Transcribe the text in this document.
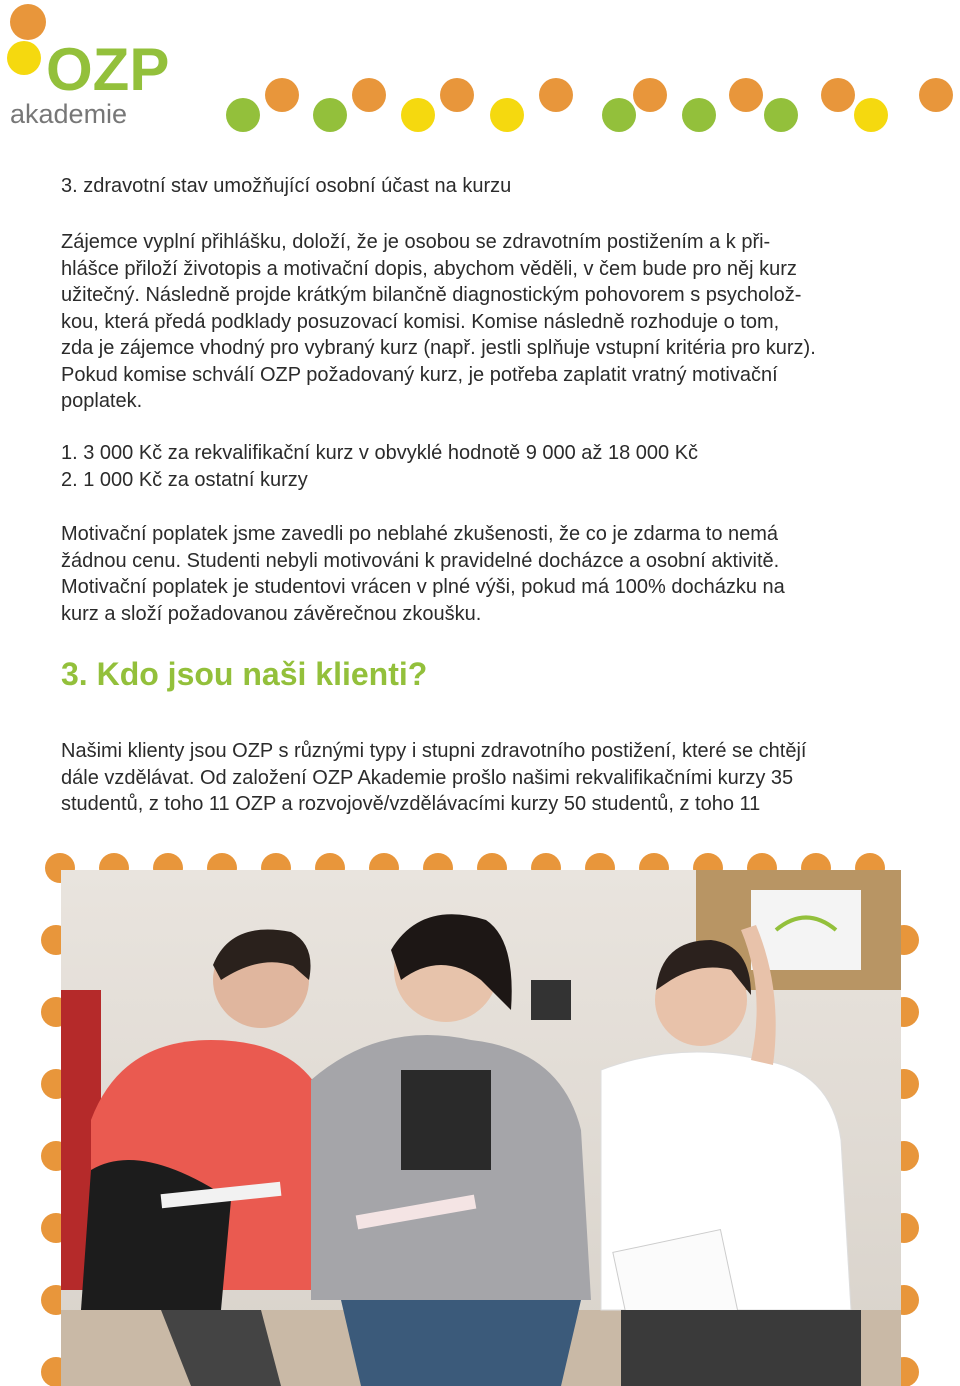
OZP
akademie

3. zdravotní stav umožňující osobní účast na kurzu

Zájemce vyplní přihlášku, doloží, že je osobou se zdravotním postižením a k při-

hlášce přiloží životopis a motivační dopis, abychom věděli, v čem bude pro něj kurz

užitečný. Následně projde krátkým bilančně diagnostickým pohovorem s psycholož-

kou, která předá podklady posuzovací komisi. Komise následně rozhoduje o tom,

zda je zájemce vhodný pro vybraný kurz (např. jestli splňuje vstupní kritéria pro kurz).

Pokud komise schválí OZP požadovaný kurz, je potřeba zaplatit vratný motivační

poplatek.

1. 3 000 Kč za rekvalifikační kurz v obvyklé hodnotě 9 000 až 18 000 Kč

2. 1 000 Kč za ostatní kurzy

Motivační poplatek jsme zavedli po neblahé zkušenosti, že co je zdarma to nemá

žádnou cenu. Studenti nebyli motivováni k pravidelné docházce a osobní aktivitě.

Motivační poplatek je studentovi vrácen v plné výši, pokud má 100% docházku na

kurz a složí požadovanou závěrečnou zkoušku.

3. Kdo jsou naši klienti?

Našimi klienty jsou OZP s různými typy i stupni zdravotního postižení, které se chtějí

dále vzdělávat. Od založení OZP Akademie prošlo našimi rekvalifikačními kurzy 35

studentů, z toho 11 OZP a rozvojově/vzdělávacími kurzy 50 studentů, z toho 11
